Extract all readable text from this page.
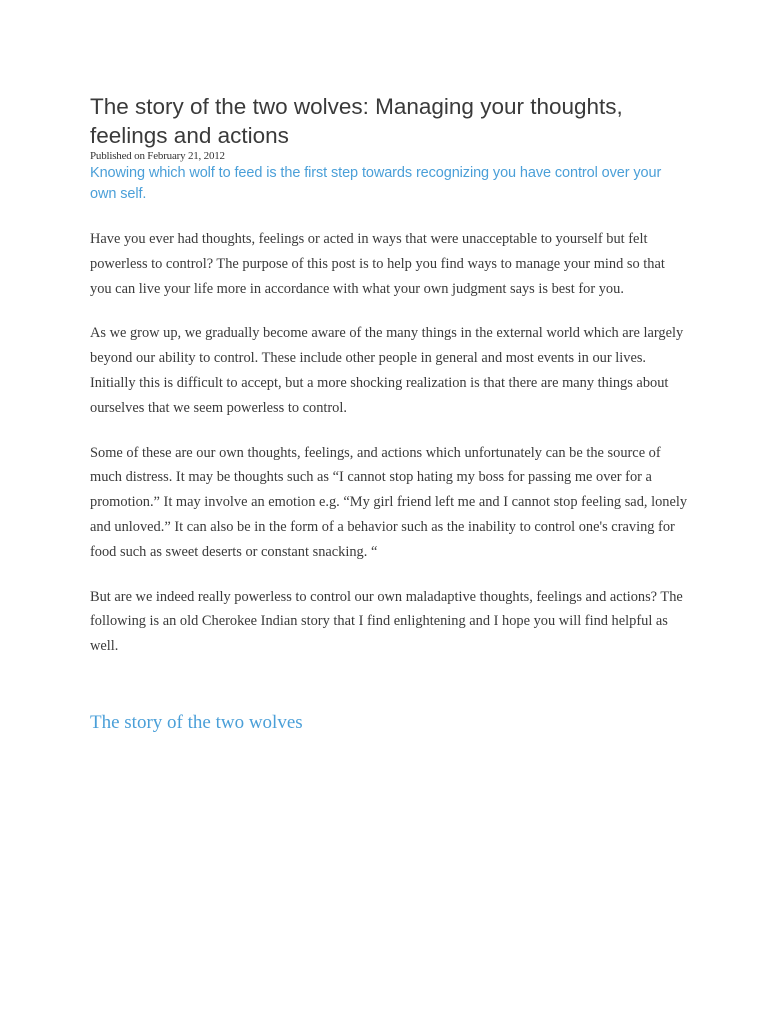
The story of the two wolves: Managing your thoughts, feelings and actions
Published on February 21, 2012
Knowing which wolf to feed is the first step towards recognizing you have control over your own self.

Have you ever had thoughts, feelings or acted in ways that were unacceptable to yourself but felt powerless to control? The purpose of this post is to help you find ways to manage your mind so that you can live your life more in accordance with what your own judgment says is best for you.

As we grow up, we gradually become aware of the many things in the external world which are largely beyond our ability to control. These include other people in general and most events in our lives. Initially this is difficult to accept, but a more shocking realization is that there are many things about ourselves that we seem powerless to control.

Some of these are our own thoughts, feelings, and actions which unfortunately can be the source of much distress. It may be thoughts such as “I cannot stop hating my boss for passing me over for a promotion.” It may involve an emotion e.g. “My girl friend left me and I cannot stop feeling sad, lonely and unloved.” It can also be in the form of a behavior such as the inability to control one's craving for food such as sweet deserts or constant snacking. “

But are we indeed really powerless to control our own maladaptive thoughts, feelings and actions? The following is an old Cherokee Indian story that I find enlightening and I hope you will find helpful as well.

The story of the two wolves
